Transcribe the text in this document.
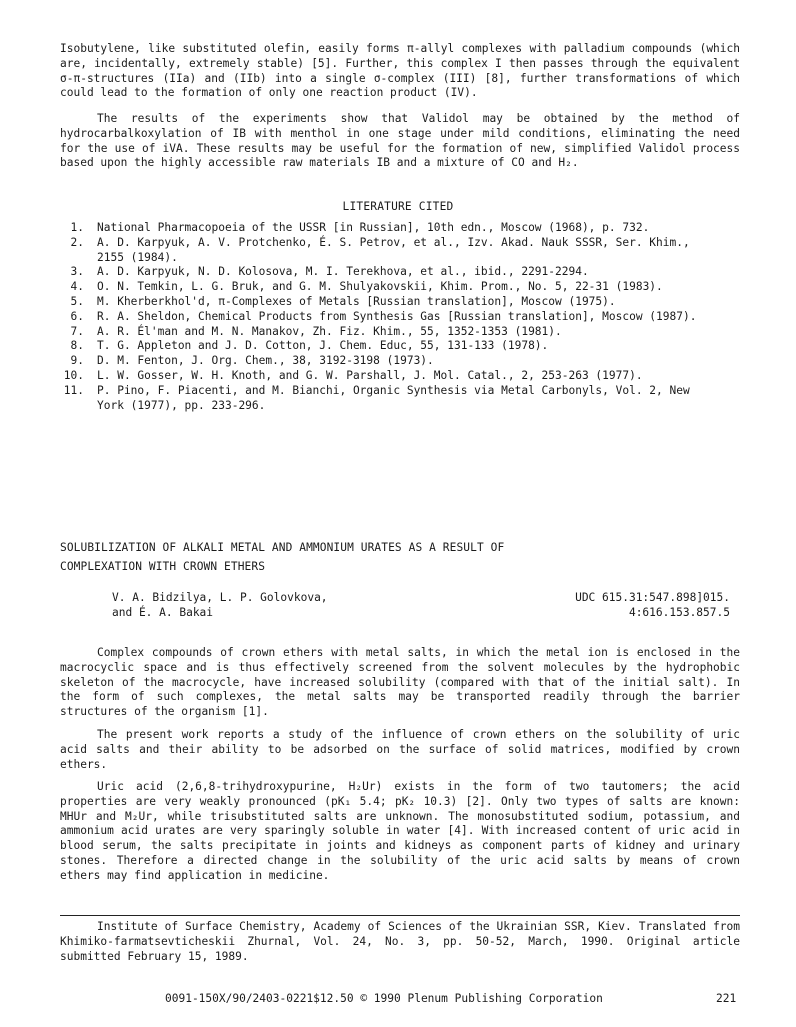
Isobutylene, like substituted olefin, easily forms π-allyl complexes with palladium compounds (which are, incidentally, extremely stable) [5]. Further, this complex I then passes through the equivalent σ-π-structures (IIa) and (IIb) into a single σ-complex (III) [8], further transformations of which could lead to the formation of only one reaction product (IV).

The results of the experiments show that Validol may be obtained by the method of hydrocarbalkoxylation of IB with menthol in one stage under mild conditions, eliminating the need for the use of iVA. These results may be useful for the formation of new, simplified Validol process based upon the highly accessible raw materials IB and a mixture of CO and H₂.

LITERATURE CITED
1. National Pharmacopoeia of the USSR [in Russian], 10th edn., Moscow (1968), p. 732.
2. A. D. Karpyuk, A. V. Protchenko, É. S. Petrov, et al., Izv. Akad. Nauk SSSR, Ser. Khim., 2155 (1984).
3. A. D. Karpyuk, N. D. Kolosova, M. I. Terekhova, et al., ibid., 2291-2294.
4. O. N. Temkin, L. G. Bruk, and G. M. Shulyakovskii, Khim. Prom., No. 5, 22-31 (1983).
5. M. Kherberkhol'd, π-Complexes of Metals [Russian translation], Moscow (1975).
6. R. A. Sheldon, Chemical Products from Synthesis Gas [Russian translation], Moscow (1987).
7. A. R. Él'man and M. N. Manakov, Zh. Fiz. Khim., 55, 1352-1353 (1981).
8. T. G. Appleton and J. D. Cotton, J. Chem. Educ, 55, 131-133 (1978).
9. D. M. Fenton, J. Org. Chem., 38, 3192-3198 (1973).
10. L. W. Gosser, W. H. Knoth, and G. W. Parshall, J. Mol. Catal., 2, 253-263 (1977).
11. P. Pino, F. Piacenti, and M. Bianchi, Organic Synthesis via Metal Carbonyls, Vol. 2, New York (1977), pp. 233-296.
SOLUBILIZATION OF ALKALI METAL AND AMMONIUM URATES AS A RESULT OF
COMPLEXATION WITH CROWN ETHERS
V. A. Bidzilya, L. P. Golovkova,
and É. A. Bakai
UDC 615.31:547.898]015.
4:616.153.857.5

Complex compounds of crown ethers with metal salts, in which the metal ion is enclosed in the macrocyclic space and is thus effectively screened from the solvent molecules by the hydrophobic skeleton of the macrocycle, have increased solubility (compared with that of the initial salt). In the form of such complexes, the metal salts may be transported readily through the barrier structures of the organism [1].

The present work reports a study of the influence of crown ethers on the solubility of uric acid salts and their ability to be adsorbed on the surface of solid matrices, modified by crown ethers.

Uric acid (2,6,8-trihydroxypurine, H₂Ur) exists in the form of two tautomers; the acid properties are very weakly pronounced (pK₁ 5.4; pK₂ 10.3) [2]. Only two types of salts are known: MHUr and M₂Ur, while trisubstituted salts are unknown. The monosubstituted sodium, potassium, and ammonium acid urates are very sparingly soluble in water [4]. With increased content of uric acid in blood serum, the salts precipitate in joints and kidneys as component parts of kidney and urinary stones. Therefore a directed change in the solubility of the uric acid salts by means of crown ethers may find application in medicine.

Institute of Surface Chemistry, Academy of Sciences of the Ukrainian SSR, Kiev. Translated from Khimiko-farmatsevticheskii Zhurnal, Vol. 24, No. 3, pp. 50-52, March, 1990. Original article submitted February 15, 1989.

0091-150X/90/2403-0221$12.50 © 1990 Plenum Publishing Corporation	221
